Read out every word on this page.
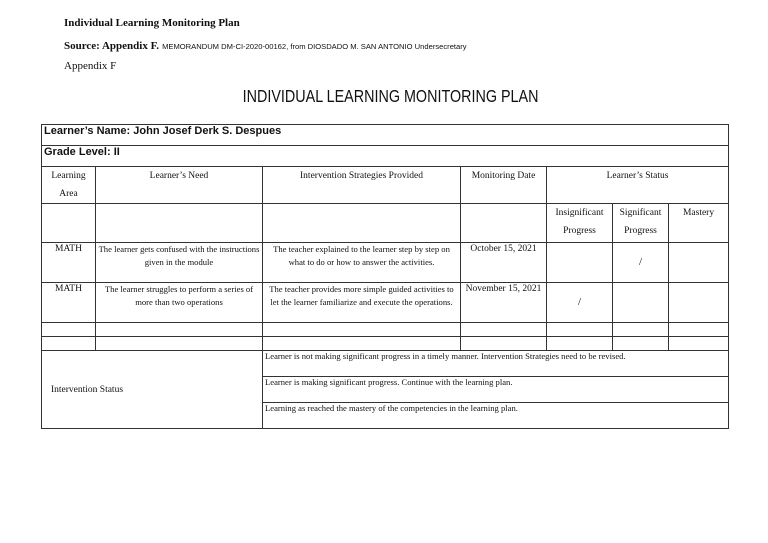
Individual Learning Monitoring Plan
Source: Appendix F. MEMORANDUM DM-CI-2020-00162, from DIOSDADO M. SAN ANTONIO Undersecretary
Appendix F
INDIVIDUAL LEARNING MONITORING PLAN
Learner’s Name: John Josef Derk S. Despues						
Grade Level: II						
Learning Area	Learner’s Need	Intervention Strategies Provided	Monitoring Date	Learner’s Status		
				Insignificant Progress	Significant Progress	Mastery
MATH	The learner gets confused with the instructions given in the module	The teacher explained to the learner step by step on what to do or how to answer the activities.	October 15, 2021		/	
MATH	The learner struggles to perform a series of more than two operations	The teacher provides more simple guided activities to let the learner familiarize and execute the operations.	November 15, 2021	/		

Intervention Status		Learner is not making significant progress in a timely manner. Intervention Strategies need to be revised.				
		Learner is making significant progress. Continue with the learning plan.				
		Learning as reached the mastery of the competencies in the learning plan.				
